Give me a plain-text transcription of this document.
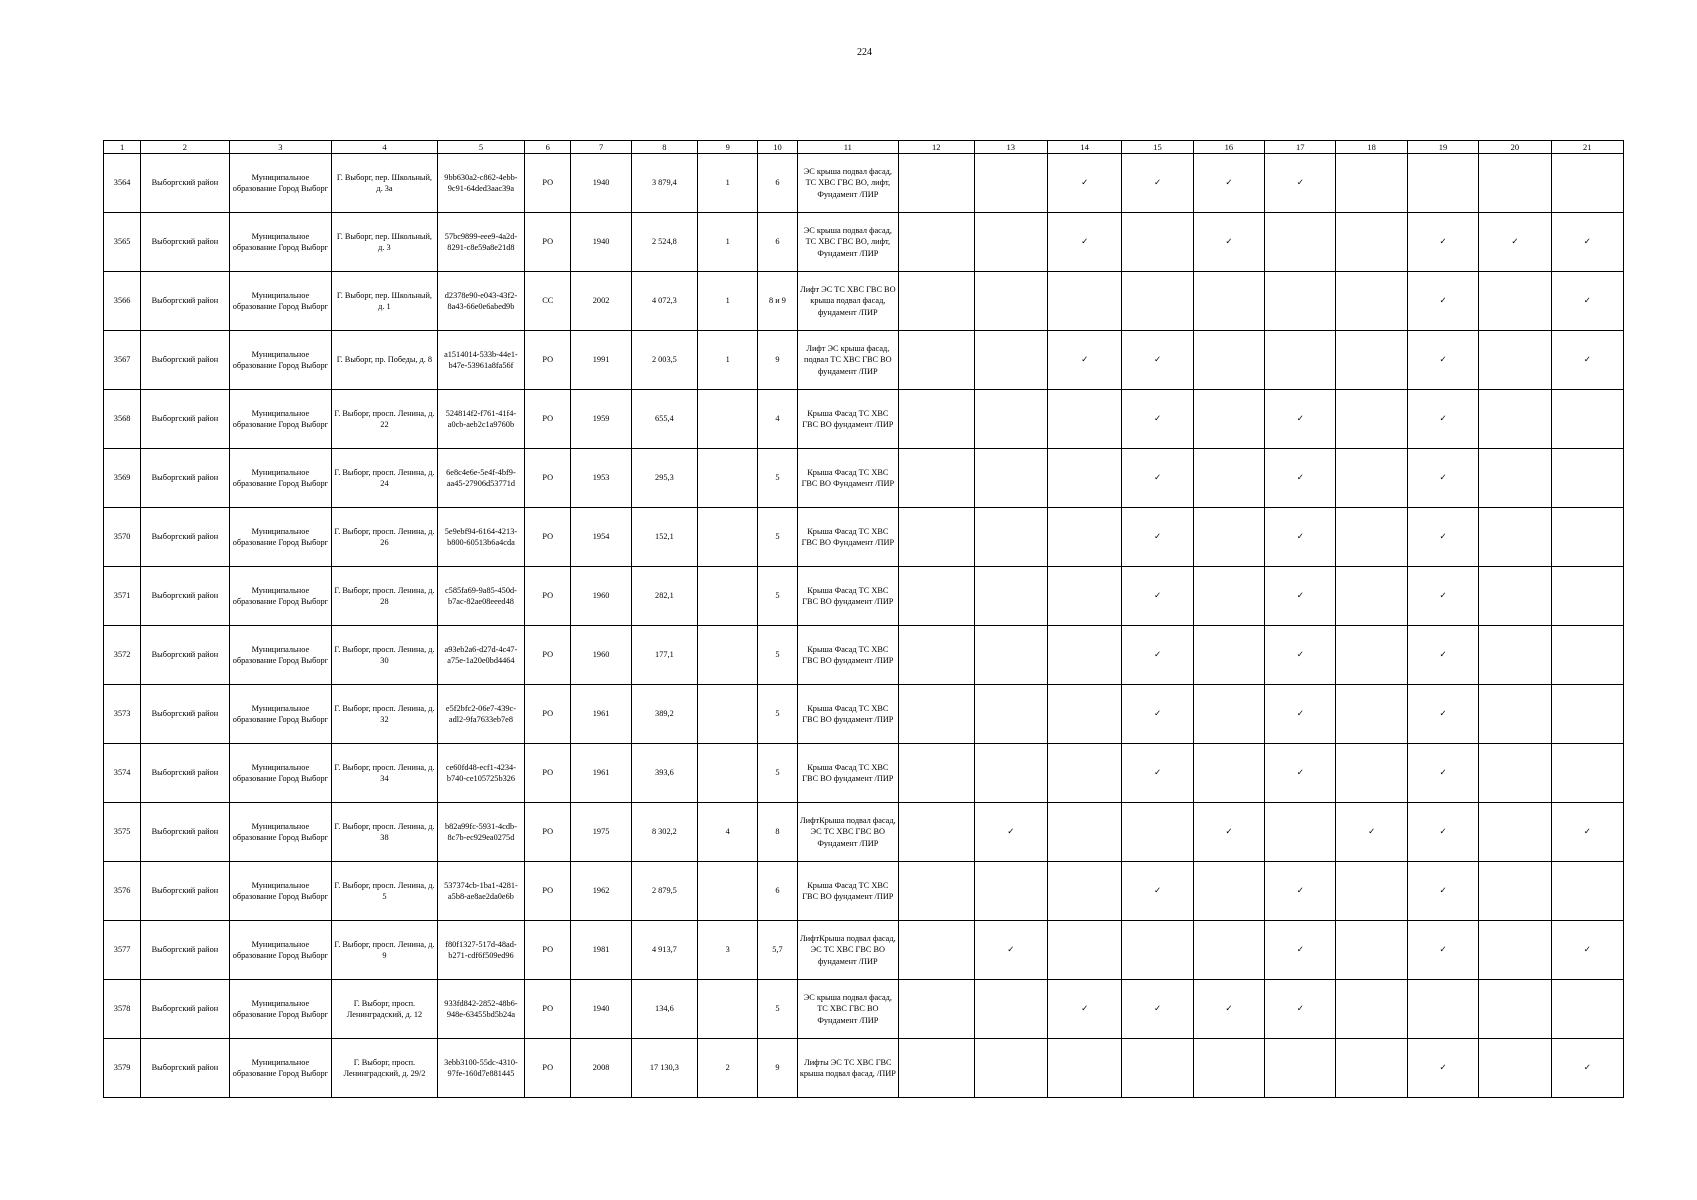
224
1	2	3	4	5	6	7	8	9	10	11	12	13	14	15	16	17	18	19	20	21
3564	Выборгский район	Муниципальное образование Город Выборг	Г. Выборг, пер. Школьный, д. 3а	9bb630a2-c862-4ebb-9c91-64ded3aac39a	РО	1940	3 879,4	1	6	ЭС крыша подвал фасад, ТС ХВС ГВС ВО, лифт, Фундамент /ПИР			✓	✓	✓	✓				
3565	Выборгский район	Муниципальное образование Город Выборг	Г. Выборг, пер. Школьный, д. 3	57bc9899-eee9-4a2d-8291-c8e59a8e21d8	РО	1940	2 524,8	1	6	ЭС крыша подвал фасад, ТС ХВС ГВС ВО, лифт, Фундамент /ПИР			✓		✓			✓	✓	✓
3566	Выборгский район	Муниципальное образование Город Выборг	Г. Выборг, пер. Школьный, д. 1	d2378e90-e043-43f2-8a43-66e0e6abed9b	СС	2002	4 072,3	1	8 и 9	Лифт ЭС ТС ХВС ГВС ВО крыша подвал фасад, фундамент /ПИР								✓		✓
3567	Выборгский район	Муниципальное образование Город Выборг	Г. Выборг, пр. Победы, д. 8	a1514014-533b-44e1-b47e-53961a8fa56f	РО	1991	2 003,5	1	9	Лифт ЭС крыша фасад, подвал ТС ХВС ГВС ВО фундамент /ПИР			✓	✓				✓		✓
3568	Выборгский район	Муниципальное образование Город Выборг	Г. Выборг, просп. Ленина, д. 22	524814f2-f761-41f4-a0cb-aeb2c1a9760b	РО	1959	655,4		4	Крыша Фасад ТС ХВС ГВС ВО фундамент /ПИР				✓		✓		✓		
3569	Выборгский район	Муниципальное образование Город Выборг	Г. Выборг, просп. Ленина, д. 24	6e8c4e6e-5e4f-4bf9-aa45-27906d53771d	РО	1953	295,3		5	Крыша Фасад ТС ХВС ГВС ВО Фундамент /ПИР				✓		✓		✓		
3570	Выборгский район	Муниципальное образование Город Выборг	Г. Выборг, просп. Ленина, д. 26	5e9ebf94-6164-4213-b800-60513b6a4cda	РО	1954	152,1		5	Крыша Фасад ТС ХВС ГВС ВО Фундамент /ПИР				✓		✓		✓		
3571	Выборгский район	Муниципальное образование Город Выборг	Г. Выборг, просп. Ленина, д. 28	c585fa69-9a85-450d-b7ac-82ae08eeed48	РО	1960	282,1		5	Крыша Фасад ТС ХВС ГВС ВО фундамент /ПИР				✓		✓		✓		
3572	Выборгский район	Муниципальное образование Город Выборг	Г. Выборг, просп. Ленина, д. 30	a93eb2a6-d27d-4c47-a75e-1a20e0bd4464	РО	1960	177,1		5	Крыша Фасад ТС ХВС ГВС ВО фундамент /ПИР				✓		✓		✓		
3573	Выборгский район	Муниципальное образование Город Выборг	Г. Выборг, просп. Ленина, д. 32	e5f2bfc2-06e7-439c-adl2-9fa7633eb7e8	РО	1961	389,2		5	Крыша Фасад ТС ХВС ГВС ВО фундамент /ПИР				✓		✓		✓		
3574	Выборгский район	Муниципальное образование Город Выборг	Г. Выборг, просп. Ленина, д. 34	ce60fd48-ecf1-4234-b740-ce105725b326	РО	1961	393,6		5	Крыша Фасад ТС ХВС ГВС ВО фундамент /ПИР				✓		✓		✓		
3575	Выборгский район	Муниципальное образование Город Выборг	Г. Выборг, просп. Ленина, д. 38	b82a99fc-5931-4cdb-8c7b-ec929ea0275d	РО	1975	8 302,2	4	8	ЛифтКрыша подвал фасад, ЭС ТС ХВС ГВС ВО Фундамент /ПИР		✓			✓		✓	✓		✓
3576	Выборгский район	Муниципальное образование Город Выборг	Г. Выборг, просп. Ленина, д. 5	537374cb-1ba1-4281-a5b8-ae8ae2da0e6b	РО	1962	2 879,5		6	Крыша Фасад ТС ХВС ГВС ВО фундамент /ПИР				✓		✓		✓		
3577	Выборгский район	Муниципальное образование Город Выборг	Г. Выборг, просп. Ленина, д. 9	f80f1327-517d-48ad-b271-cdf6f509ed96	РО	1981	4 913,7	3	5,7	ЛифтКрыша подвал фасад, ЭС ТС ХВС ГВС ВО фундамент /ПИР		✓				✓		✓		✓
3578	Выборгский район	Муниципальное образование Город Выборг	Г. Выборг, просп. Ленинградский, д. 12	933fd842-2852-48b6-948e-63455bd5b24a	РО	1940	134,6		5	ЭС крыша подвал фасад, ТС ХВС ГВС ВО Фундамент /ПИР			✓	✓	✓	✓				
3579	Выборгский район	Муниципальное образование Город Выборг	Г. Выборг, просп. Ленинградский, д. 29/2	3ebb3100-55dc-4310-97fe-160d7e881445	РО	2008	17 130,3	2	9	Лифты ЭС ТС ХВС ГВС крыша подвал фасад, /ПИР								✓		✓
